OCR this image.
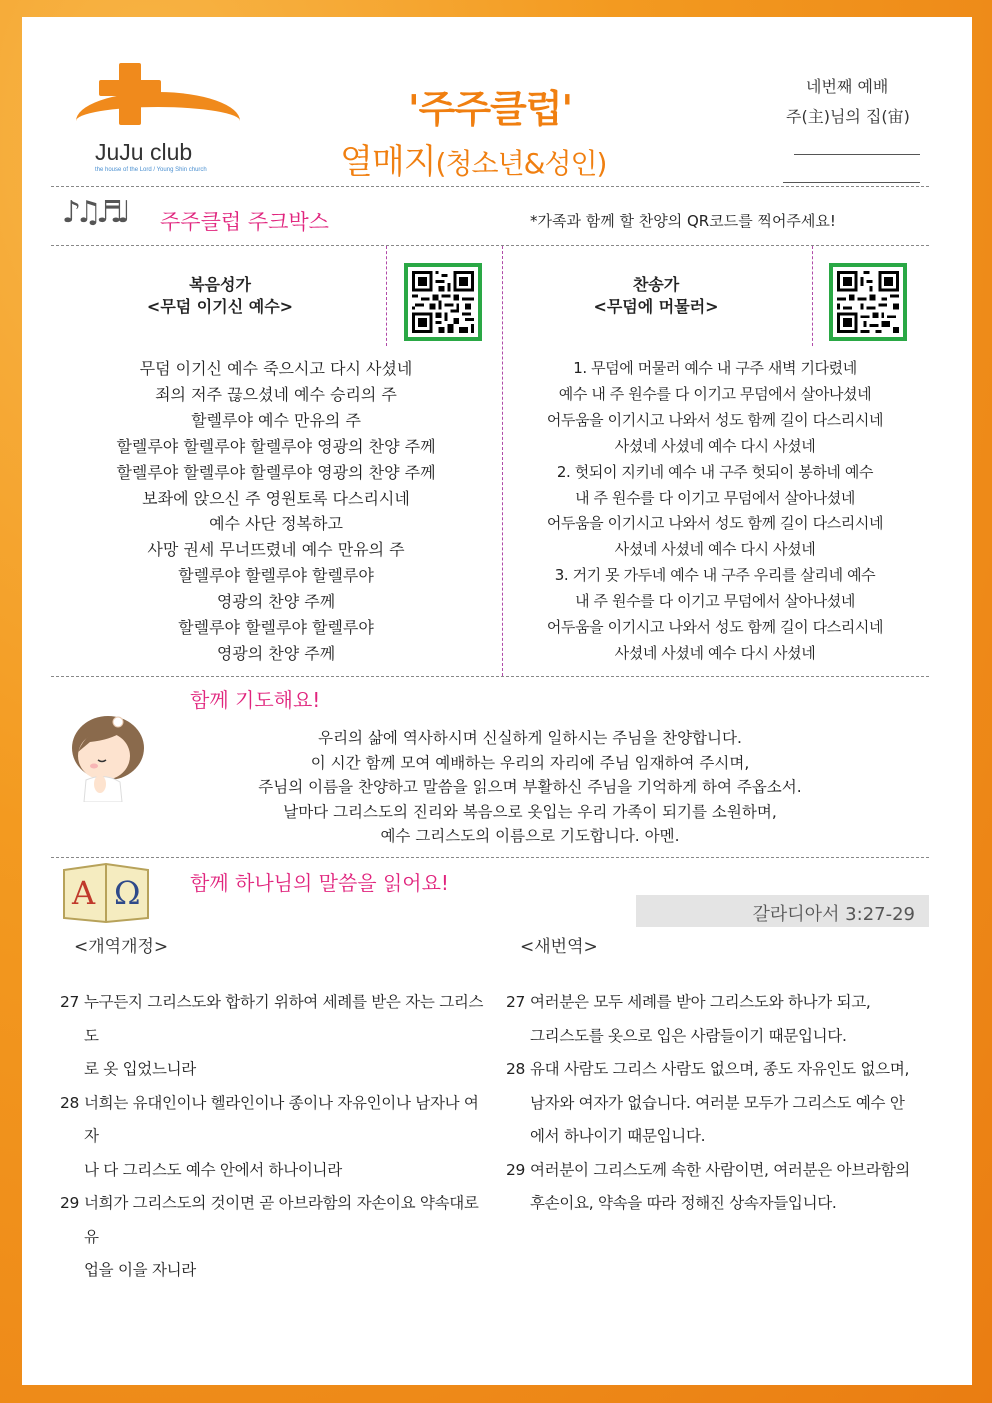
JuJu club
the house of the Lord / Young Shin church
'주주클럽'
열매지(청소년&성인)
네번째 예배
주(主)님의 집(宙)
♪♫♬♩ 주주클럽 주크박스	*가족과 함께 할 찬양의 QR코드를 찍어주세요!
복음성가
<무덤 이기신 예수>
찬송가
<무덤에 머물러>
무덤 이기신 예수 죽으시고 다시 사셨네
죄의 저주 끊으셨네 예수 승리의 주
할렐루야 예수 만유의 주
할렐루야 할렐루야 할렐루야 영광의 찬양 주께
할렐루야 할렐루야 할렐루야 영광의 찬양 주께
보좌에 앉으신 주 영원토록 다스리시네
예수 사단 정복하고
사망 권세 무너뜨렸네 예수 만유의 주
할렐루야 할렐루야 할렐루야
영광의 찬양 주께
할렐루야 할렐루야 할렐루야
영광의 찬양 주께
1. 무덤에 머물러 예수 내 구주 새벽 기다렸네
예수 내 주 원수를 다 이기고 무덤에서 살아나셨네
어두움을 이기시고 나와서 성도 함께 길이 다스리시네
사셨네 사셨네 예수 다시 사셨네
2. 헛되이 지키네 예수 내 구주 헛되이 봉하네 예수
내 주 원수를 다 이기고 무덤에서 살아나셨네
어두움을 이기시고 나와서 성도 함께 길이 다스리시네
사셨네 사셨네 예수 다시 사셨네
3. 거기 못 가두네 예수 내 구주 우리를 살리네 예수
내 주 원수를 다 이기고 무덤에서 살아나셨네
어두움을 이기시고 나와서 성도 함께 길이 다스리시네
사셨네 사셨네 예수 다시 사셨네
함께 기도해요!
우리의 삶에 역사하시며 신실하게 일하시는 주님을 찬양합니다.
이 시간 함께 모여 예배하는 우리의 자리에 주님 임재하여 주시며,
주님의 이름을 찬양하고 말씀을 읽으며 부활하신 주님을 기억하게 하여 주옵소서.
날마다 그리스도의 진리와 복음으로 옷입는 우리 가족이 되기를 소원하며,
예수 그리스도의 이름으로 기도합니다. 아멘.
A Ω 함께 하나님의 말씀을 읽어요!
갈라디아서 3:27-29
<개역개정>	<새번역>
27 누구든지 그리스도와 합하기 위하여 세례를 받은 자는 그리스도
로 옷 입었느니라
28 너희는 유대인이나 헬라인이나 종이나 자유인이나 남자나 여자
나 다 그리스도 예수 안에서 하나이니라
29 너희가 그리스도의 것이면 곧 아브라함의 자손이요 약속대로 유
업을 이을 자니라
27 여러분은 모두 세례를 받아 그리스도와 하나가 되고,
그리스도를 옷으로 입은 사람들이기 때문입니다.
28 유대 사람도 그리스 사람도 없으며, 종도 자유인도 없으며,
남자와 여자가 없습니다. 여러분 모두가 그리스도 예수 안
에서 하나이기 때문입니다.
29 여러분이 그리스도께 속한 사람이면, 여러분은 아브라함의
후손이요, 약속을 따라 정해진 상속자들입니다.
